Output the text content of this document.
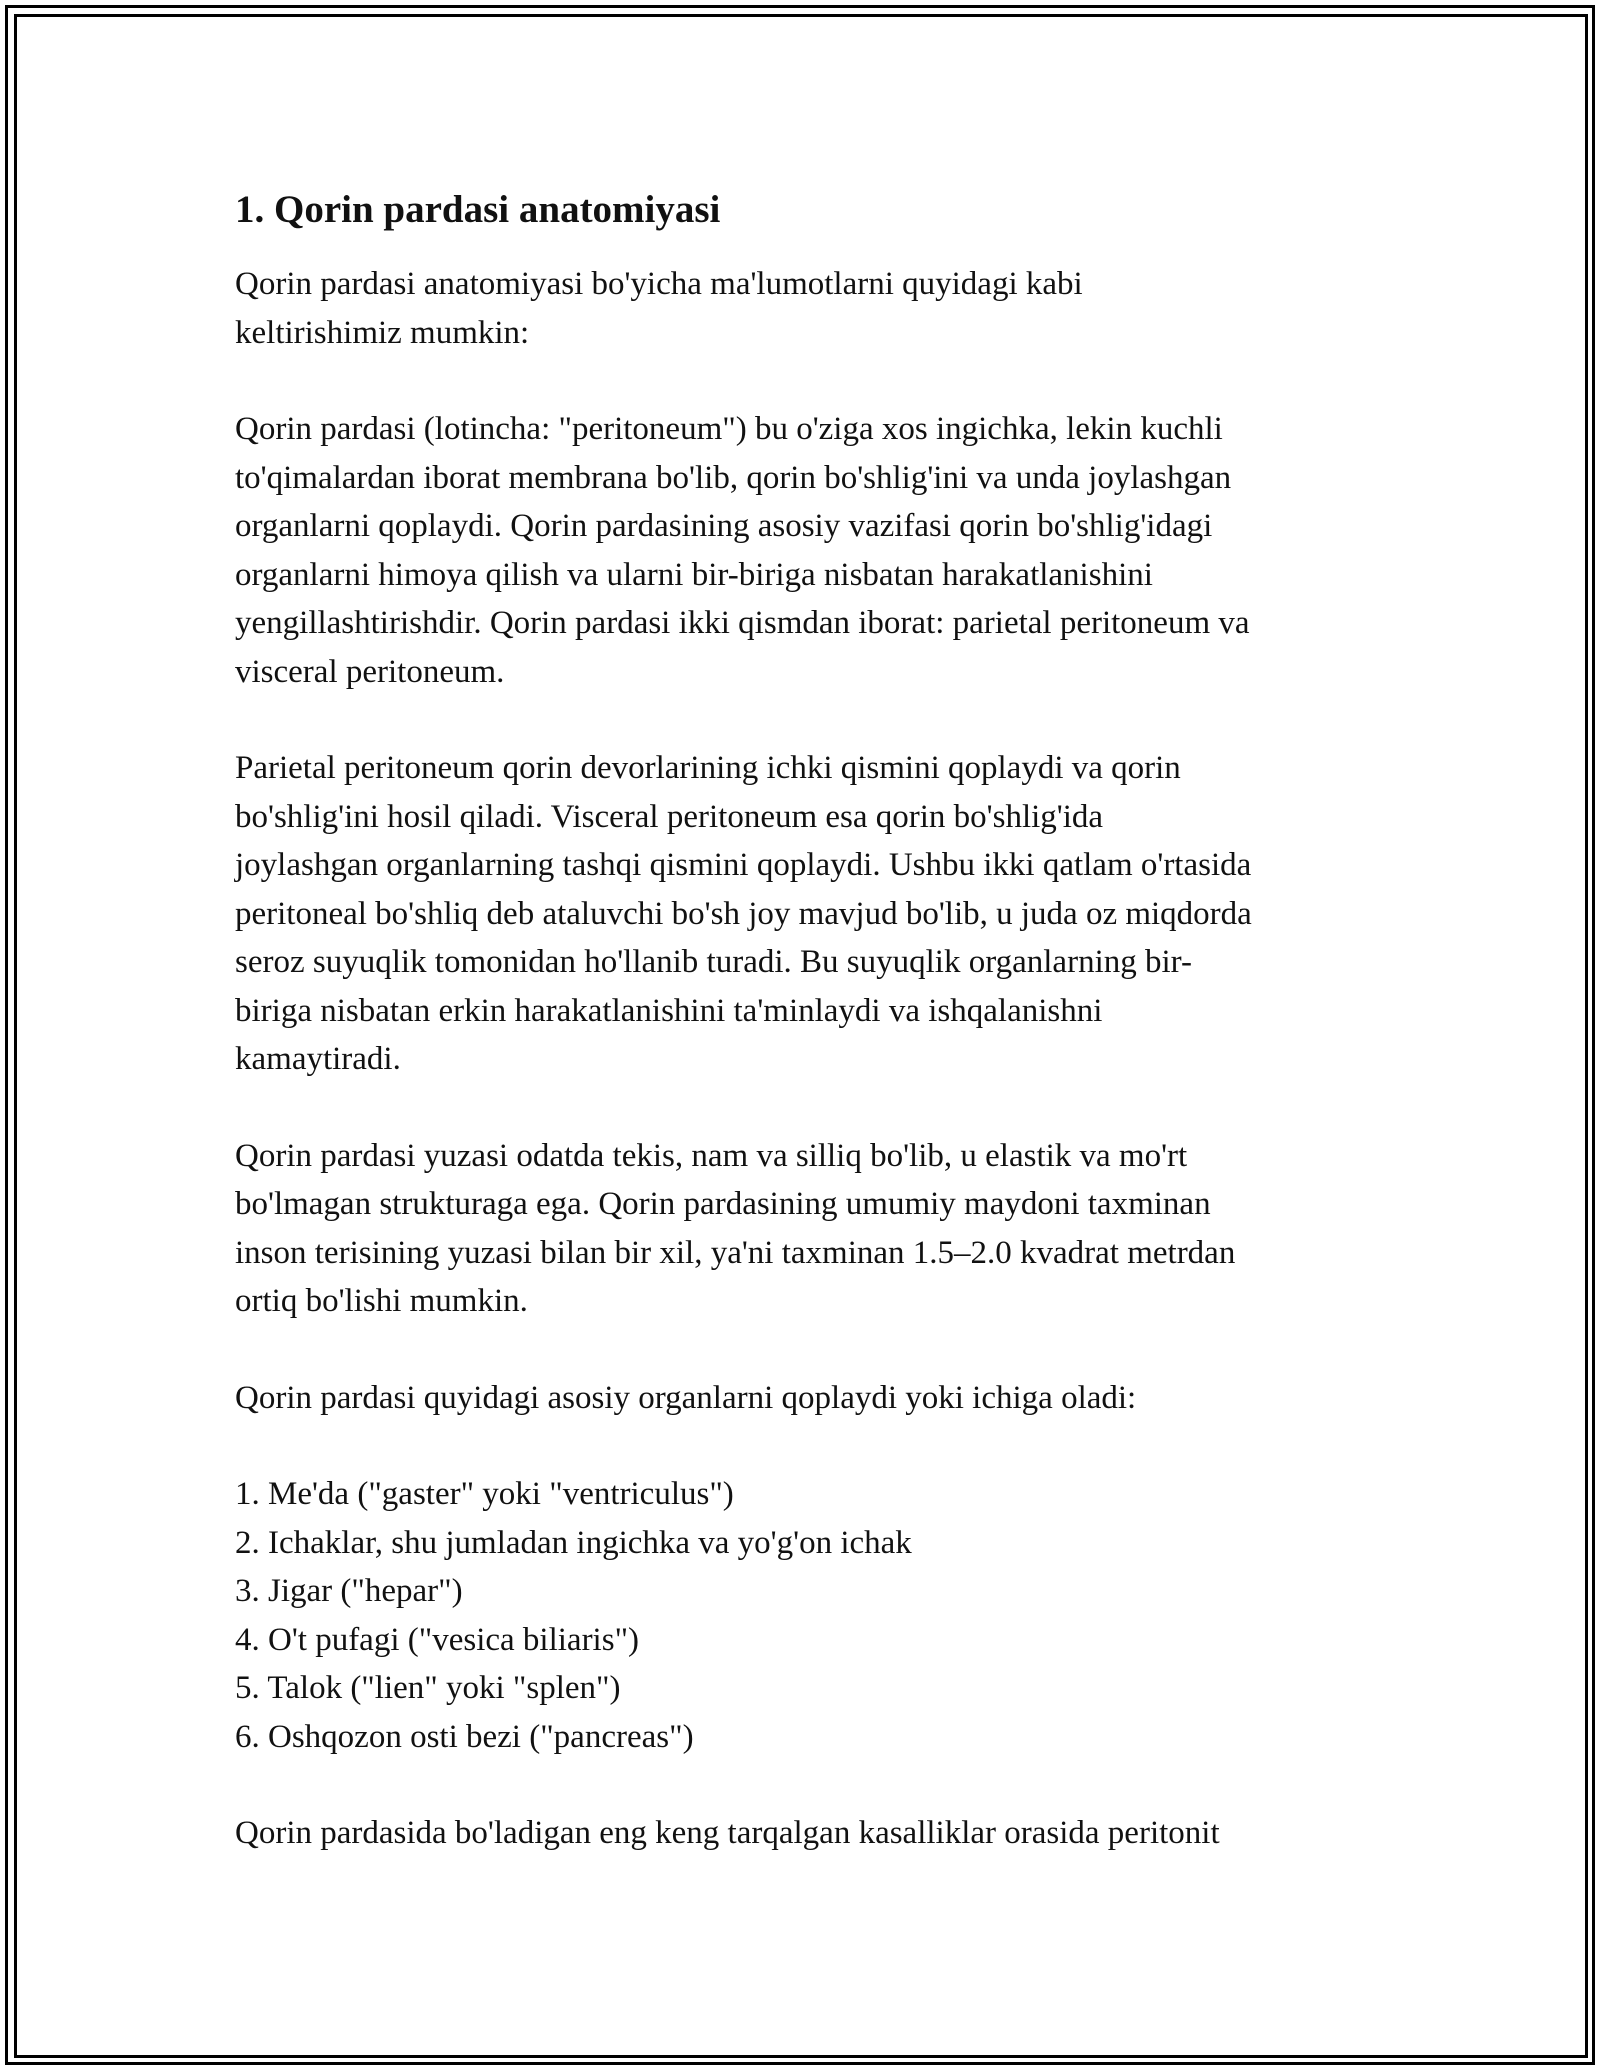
1. Qorin pardasi anatomiyasi

Qorin pardasi anatomiyasi bo'yicha ma'lumotlarni quyidagi kabi
keltirishimiz mumkin:

Qorin pardasi (lotincha: "peritoneum") bu o'ziga xos ingichka, lekin kuchli
to'qimalardan iborat membrana bo'lib, qorin bo'shlig'ini va unda joylashgan
organlarni qoplaydi. Qorin pardasining asosiy vazifasi qorin bo'shlig'idagi
organlarni himoya qilish va ularni bir-biriga nisbatan harakatlanishini
yengillashtirishdir. Qorin pardasi ikki qismdan iborat: parietal peritoneum va
visceral peritoneum.

Parietal peritoneum qorin devorlarining ichki qismini qoplaydi va qorin
bo'shlig'ini hosil qiladi. Visceral peritoneum esa qorin bo'shlig'ida
joylashgan organlarning tashqi qismini qoplaydi. Ushbu ikki qatlam o'rtasida
peritoneal bo'shliq deb ataluvchi bo'sh joy mavjud bo'lib, u juda oz miqdorda
seroz suyuqlik tomonidan ho'llanib turadi. Bu suyuqlik organlarning bir-
biriga nisbatan erkin harakatlanishini ta'minlaydi va ishqalanishni
kamaytiradi.

Qorin pardasi yuzasi odatda tekis, nam va silliq bo'lib, u elastik va mo'rt
bo'lmagan strukturaga ega. Qorin pardasining umumiy maydoni taxminan
inson terisining yuzasi bilan bir xil, ya'ni taxminan 1.5–2.0 kvadrat metrdan
ortiq bo'lishi mumkin.

Qorin pardasi quyidagi asosiy organlarni qoplaydi yoki ichiga oladi:

1. Me'da ("gaster" yoki "ventriculus")
2. Ichaklar, shu jumladan ingichka va yo'g'on ichak
3. Jigar ("hepar")
4. O't pufagi ("vesica biliaris")
5. Talok ("lien" yoki "splen")
6. Oshqozon osti bezi ("pancreas")

Qorin pardasida bo'ladigan eng keng tarqalgan kasalliklar orasida peritonit
